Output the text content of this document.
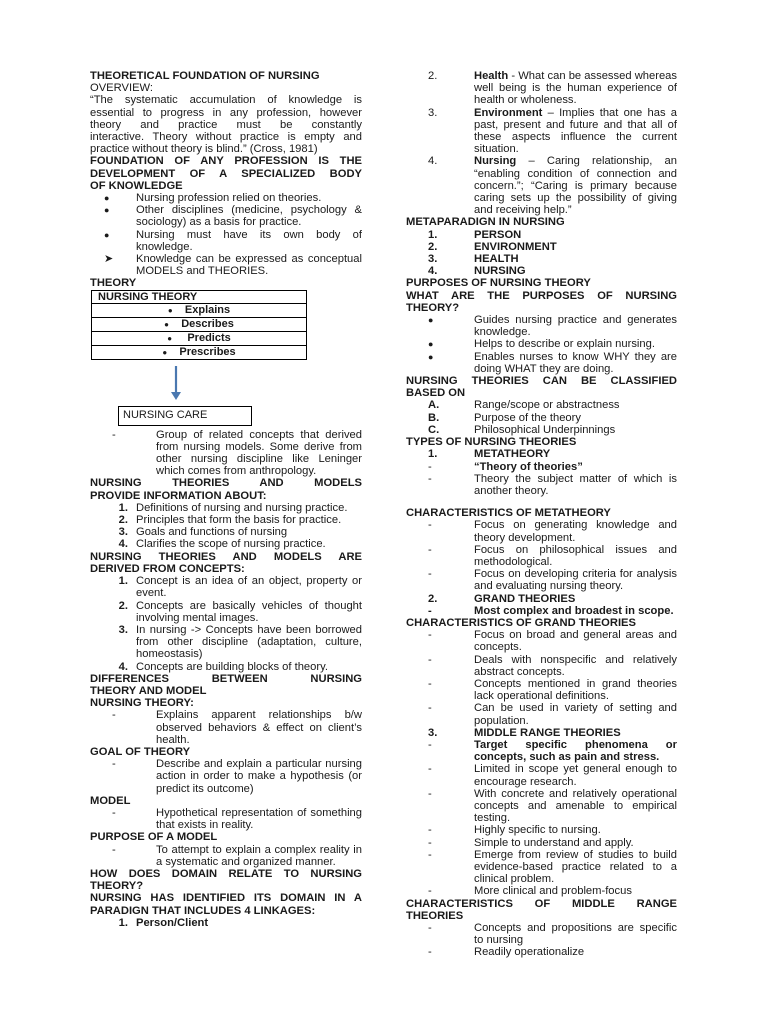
THEORETICAL FOUNDATION OF NURSING
OVERVIEW:
“The systematic accumulation of knowledge is
essential to progress in any profession, however
theory and practice must be constantly
interactive. Theory without practice is empty and
practice without theory is blind.” (Cross, 1981)
FOUNDATION OF ANY PROFESSION IS THE
DEVELOPMENT OF A SPECIALIZED BODY
OF KNOWLEDGE
●	Nursing profession relied on theories.
●	Other disciplines (medicine, psychology & sociology) as a basis for practice.
●	Nursing must have its own body of knowledge.
➤	Knowledge can be expressed as conceptual MODELS and THEORIES.
THEORY
NURSING THEORY
● Explains
● Describes
● Predicts
● Prescribes
NURSING CARE
-	Group of related concepts that derived from nursing models. Some derive from other nursing discipline like Leninger which comes from anthropology.
NURSING THEORIES AND MODELS
PROVIDE INFORMATION ABOUT:
1. Definitions of nursing and nursing practice.
2. Principles that form the basis for practice.
3. Goals and functions of nursing
4. Clarifies the scope of nursing practice.
NURSING THEORIES AND MODELS ARE
DERIVED FROM CONCEPTS:
1. Concept is an idea of an object, property or event.
2. Concepts are basically vehicles of thought involving mental images.
3. In nursing -> Concepts have been borrowed from other discipline (adaptation, culture, homeostasis)
4. Concepts are building blocks of theory.
DIFFERENCES BETWEEN NURSING
THEORY AND MODEL
NURSING THEORY:
-	Explains apparent relationships b/w observed behaviors & effect on client’s health.
GOAL OF THEORY
-	Describe and explain a particular nursing action in order to make a hypothesis (or predict its outcome)
MODEL
-	Hypothetical representation of something that exists in reality.
PURPOSE OF A MODEL
-	To attempt to explain a complex reality in a systematic and organized manner.
HOW DOES DOMAIN RELATE TO NURSING
THEORY?
NURSING HAS IDENTIFIED ITS DOMAIN IN A
PARADIGN THAT INCLUDES 4 LINKAGES:
1. Person/Client
2.	Health - What can be assessed whereas well being is the human experience of health or wholeness.
3.	Environment – Implies that one has a past, present and future and that all of these aspects influence the current situation.
4.	Nursing – Caring relationship, an “enabling condition of connection and concern.”; “Caring is primary because caring sets up the possibility of giving and receiving help.”
METAPARADIGN IN NURSING
1.	PERSON
2.	ENVIRONMENT
3.	HEALTH
4.	NURSING
PURPOSES OF NURSING THEORY
WHAT ARE THE PURPOSES OF NURSING
THEORY?
●	Guides nursing practice and generates knowledge.
●	Helps to describe or explain nursing.
●	Enables nurses to know WHY they are doing WHAT they are doing.
NURSING THEORIES CAN BE CLASSIFIED
BASED ON
A.	Range/scope or abstractness
B.	Purpose of the theory
C.	Philosophical Underpinnings
TYPES OF NURSING THEORIES
1.	METATHEORY
-	“Theory of theories”
-	Theory the subject matter of which is another theory.
CHARACTERISTICS OF METATHEORY
-	Focus on generating knowledge and theory development.
-	Focus on philosophical issues and methodological.
-	Focus on developing criteria for analysis and evaluating nursing theory.
2.	GRAND THEORIES
-	Most complex and broadest in scope.
CHARACTERISTICS OF GRAND THEORIES
-	Focus on broad and general areas and concepts.
-	Deals with nonspecific and relatively abstract concepts.
-	Concepts mentioned in grand theories lack operational definitions.
-	Can be used in variety of setting and population.
3.	MIDDLE RANGE THEORIES
-	Target specific phenomena or concepts, such as pain and stress.
-	Limited in scope yet general enough to encourage research.
-	With concrete and relatively operational concepts and amenable to empirical testing.
-	Highly specific to nursing.
-	Simple to understand and apply.
-	Emerge from review of studies to build evidence-based practice related to a clinical problem.
-	More clinical and problem-focus
CHARACTERISTICS OF MIDDLE RANGE
THEORIES
-	Concepts and propositions are specific to nursing
-	Readily operationalize
